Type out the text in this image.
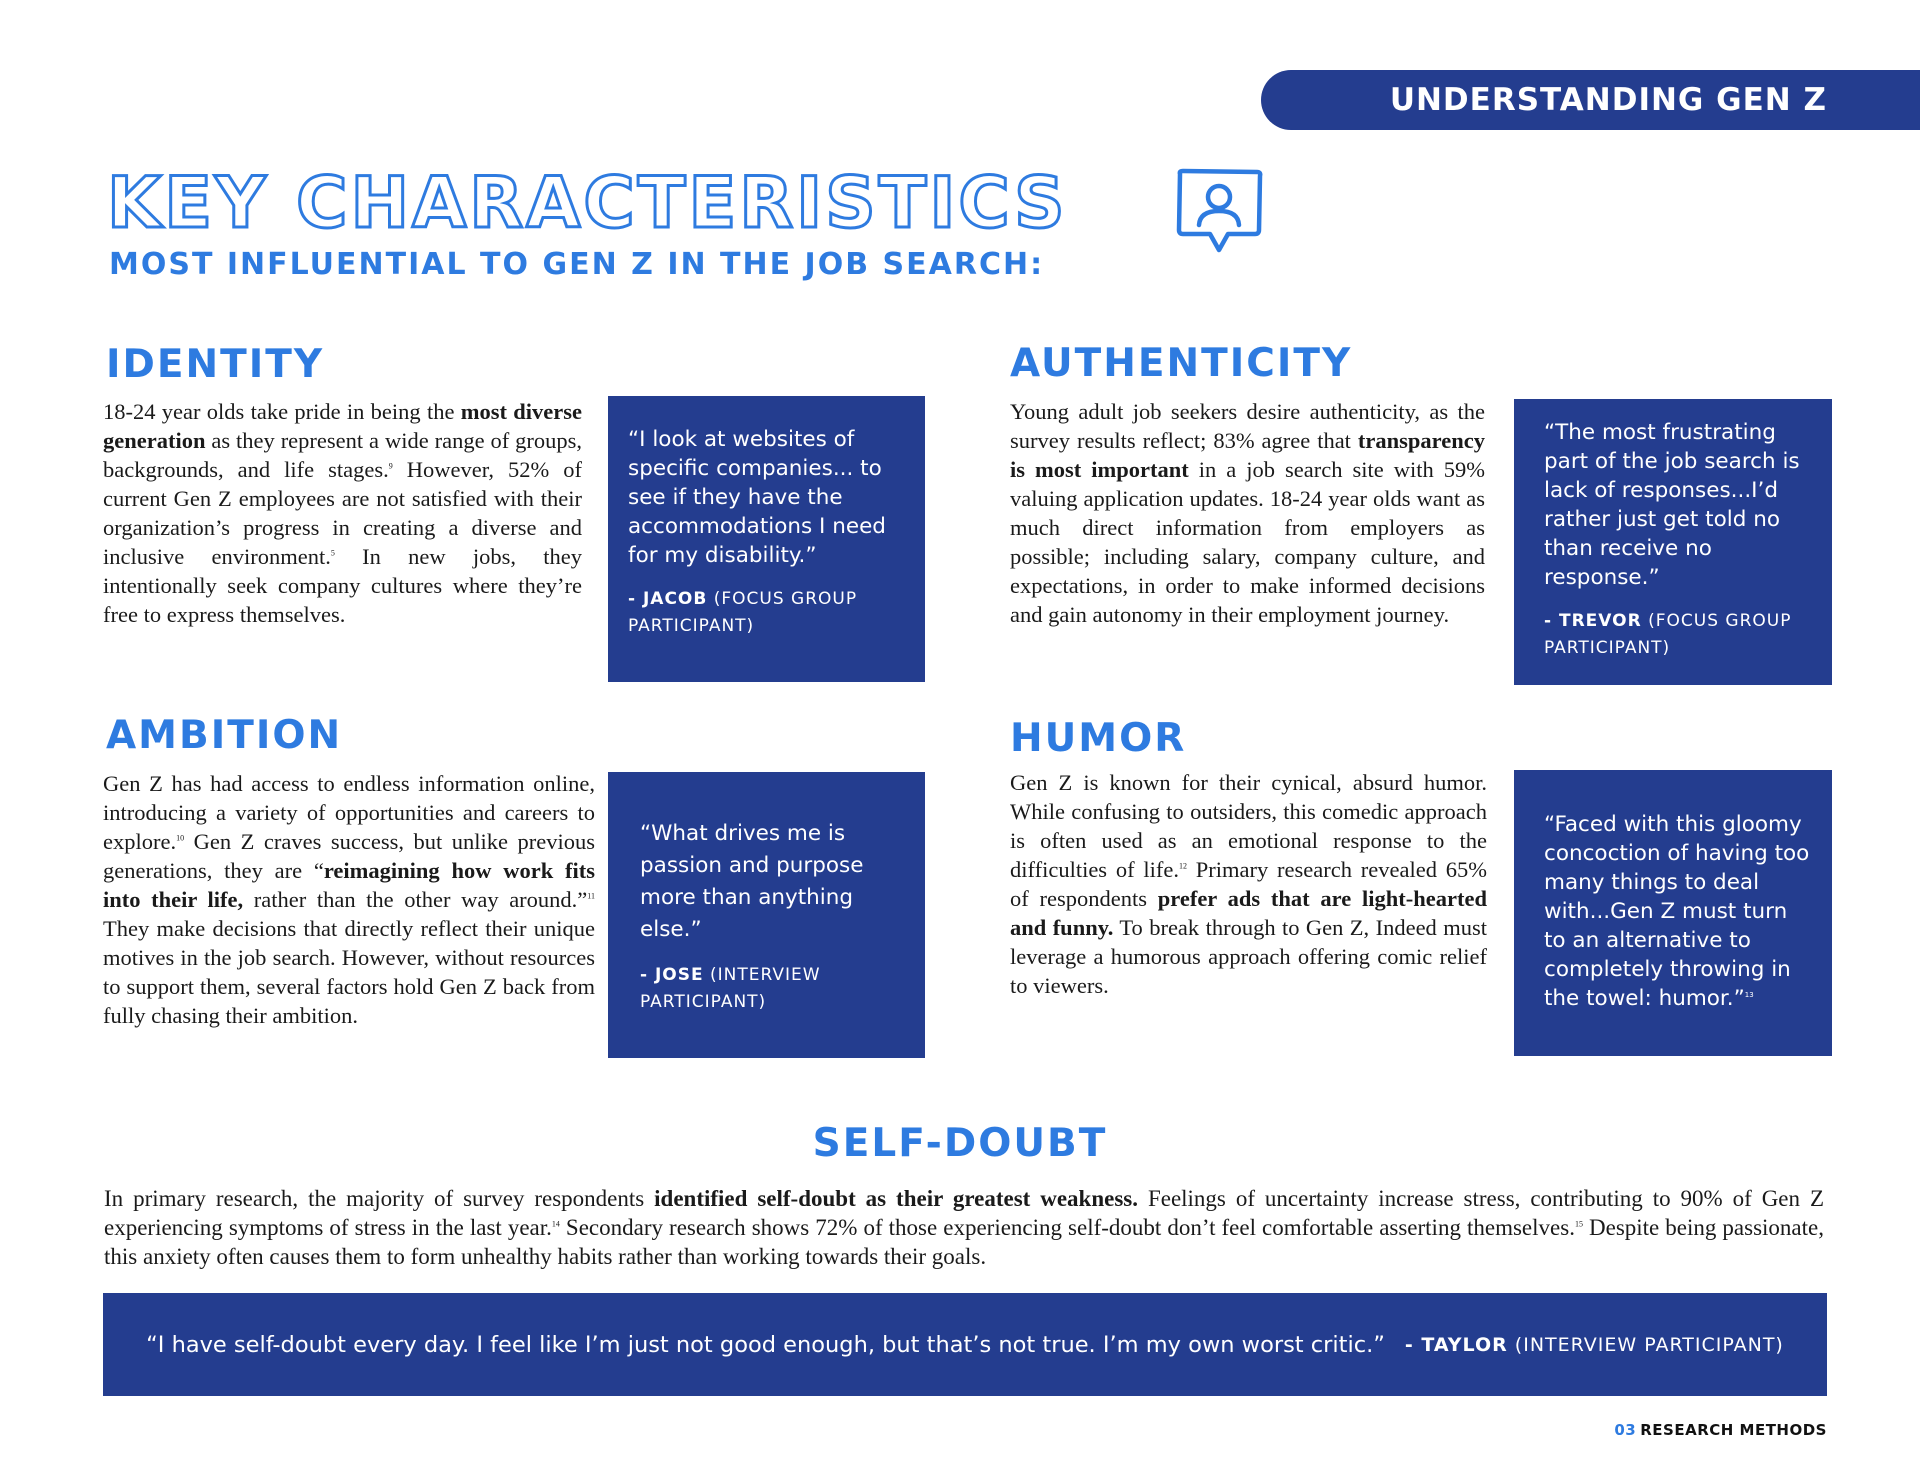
UNDERSTANDING GEN Z
KEY CHARACTERISTICS
MOST INFLUENTIAL TO GEN Z IN THE JOB SEARCH:
IDENTITY
18-24 year olds take pride in being the most diverse generation as they represent a wide range of groups, backgrounds, and life stages.$^9$ However, 52% of current Gen Z employees are not satisfied with their organization’s progress in creating a diverse and inclusive environment.$^5$ In new jobs, they intentionally seek company cultures where they’re free to express themselves.
“I look at websites of specific companies... to see if they have the accommodations I need for my disability.”
- JACOB (FOCUS GROUP PARTICIPANT)
AUTHENTICITY
Young adult job seekers desire authenticity, as the survey results reflect; 83% agree that transparency is most important in a job search site with 59% valuing application updates. 18-24 year olds want as much direct information from employers as possible; including salary, company culture, and expectations, in order to make informed decisions and gain autonomy in their employment journey.
“The most frustrating part of the job search is lack of responses...I’d rather just get told no than receive no response.”
- TREVOR (FOCUS GROUP PARTICIPANT)
AMBITION
Gen Z has had access to endless information online, introducing a variety of opportunities and careers to explore.$^{10}$ Gen Z craves success, but unlike previous generations, they are “reimagining how work fits into their life, rather than the other way around.”$^{11}$ They make decisions that directly reflect their unique motives in the job search. However, without resources to support them, several factors hold Gen Z back from fully chasing their ambition.
“What drives me is passion and purpose more than anything else.”
- JOSE (INTERVIEW PARTICIPANT)
HUMOR
Gen Z is known for their cynical, absurd humor. While confusing to outsiders, this comedic approach is often used as an emotional response to the difficulties of life.$^{12}$ Primary research revealed 65% of respondents prefer ads that are light-hearted and funny. To break through to Gen Z, Indeed must leverage a humorous approach offering comic relief to viewers.
“Faced with this gloomy concoction of having too many things to deal with...Gen Z must turn to an alternative to completely throwing in the towel: humor.”$^{13}$
SELF-DOUBT
In primary research, the majority of survey respondents identified self-doubt as their greatest weakness. Feelings of uncertainty increase stress, contributing to 90% of Gen Z experiencing symptoms of stress in the last year.$^{14}$ Secondary research shows 72% of those experiencing self-doubt don’t feel comfortable asserting themselves.$^{15}$ Despite being passionate, this anxiety often causes them to form unhealthy habits rather than working towards their goals.
“I have self-doubt every day. I feel like I’m just not good enough, but that’s not true. I’m my own worst critic.” - TAYLOR (INTERVIEW PARTICIPANT)
03 RESEARCH METHODS
